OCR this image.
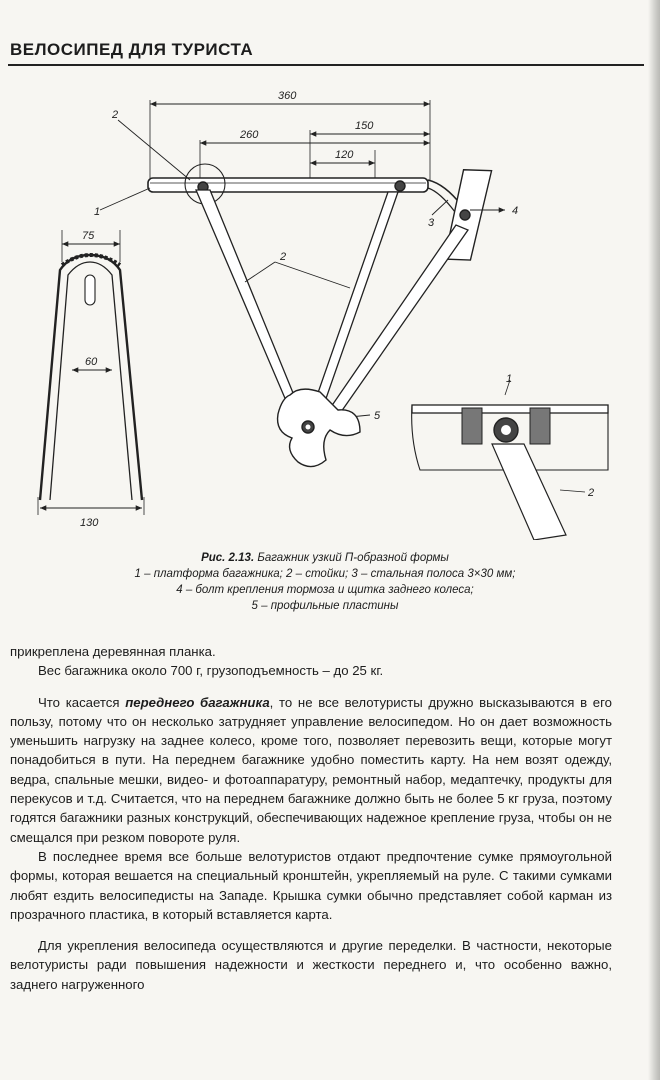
ВЕЛОСИПЕД ДЛЯ ТУРИСТА
360
260
150
120
75
60
130
2
1
2
3
4
5
1
2
Рис. 2.13. Багажник узкий П-образной формы
1 – платформа багажника; 2 – стойки; 3 – стальная полоса 3×30 мм;
4 – болт крепления тормоза и щитка заднего колеса;
5 – профильные пластины

прикреплена деревянная планка.

Вес багажника около 700 г, грузоподъемность – до 25 кг.

Что касается переднего багажника, то не все велотуристы дружно высказываются в его пользу, потому что он несколько затрудняет управление велосипедом. Но он дает возможность уменьшить нагрузку на заднее колесо, кроме того, позволяет перевозить вещи, которые могут понадобиться в пути. На переднем багажнике удобно поместить карту. На нем возят одежду, ведра, спальные мешки, видео- и фотоаппаратуру, ремонтный набор, медаптечку, продукты для перекусов и т.д. Считается, что на переднем багажнике должно быть не более 5 кг груза, поэтому годятся багажники разных конструкций, обеспечивающих надежное крепление груза, чтобы он не смещался при резком повороте руля.

В последнее время все больше велотуристов отдают предпочтение сумке прямоугольной формы, которая вешается на специальный кронштейн, укрепляемый на руле. С такими сумками любят ездить велосипедисты на Западе. Крышка сумки обычно представляет собой карман из прозрачного пластика, в который вставляется карта.

Для укрепления велосипеда осуществляются и другие переделки. В частности, некоторые велотуристы ради повышения надежности и жесткости переднего и, что особенно важно, заднего нагруженного
